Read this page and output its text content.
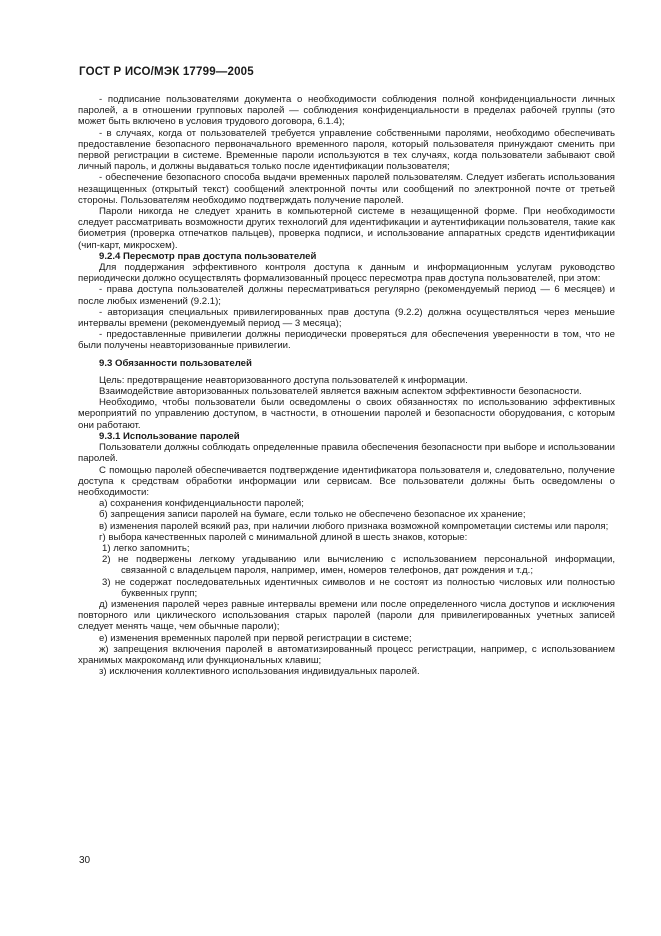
ГОСТ Р ИСО/МЭК 17799—2005

- подписание пользователями документа о необходимости соблюдения полной конфиденциальности личных паролей, а в отношении групповых паролей — соблюдения конфиденциальности в пределах рабочей группы (это может быть включено в условия трудового договора, 6.1.4);

- в случаях, когда от пользователей требуется управление собственными паролями, необходимо обеспечивать предоставление безопасного первоначального временного пароля, который пользователя принуждают сменить при первой регистрации в системе. Временные пароли используются в тех случаях, когда пользователи забывают свой личный пароль, и должны выдаваться только после идентификации пользователя;

- обеспечение безопасного способа выдачи временных паролей пользователям. Следует избегать использования незащищенных (открытый текст) сообщений электронной почты или сообщений по электронной почте от третьей стороны. Пользователям необходимо подтверждать получение паролей.

Пароли никогда не следует хранить в компьютерной системе в незащищенной форме. При необходимости следует рассматривать возможности других технологий для идентификации и аутентификации пользователя, такие как биометрия (проверка отпечатков пальцев), проверка подписи, и использование аппаратных средств идентификации (чип-карт, микросхем).

9.2.4 Пересмотр прав доступа пользователей

Для поддержания эффективного контроля доступа к данным и информационным услугам руководство периодически должно осуществлять формализованный процесс пересмотра прав доступа пользователей, при этом:

- права доступа пользователей должны пересматриваться регулярно (рекомендуемый период — 6 месяцев) и после любых изменений (9.2.1);

- авторизация специальных привилегированных прав доступа (9.2.2) должна осуществляться через меньшие интервалы времени (рекомендуемый период — 3 месяца);

- предоставленные привилегии должны периодически проверяться для обеспечения уверенности в том, что не были получены неавторизованные привилегии.

9.3 Обязанности пользователей

Цель: предотвращение неавторизованного доступа пользователей к информации.

Взаимодействие авторизованных пользователей является важным аспектом эффективности безопасности.

Необходимо, чтобы пользователи были осведомлены о своих обязанностях по использованию эффективных мероприятий по управлению доступом, в частности, в отношении паролей и безопасности оборудования, с которым они работают.

9.3.1 Использование паролей

Пользователи должны соблюдать определенные правила обеспечения безопасности при выборе и использовании паролей.

С помощью паролей обеспечивается подтверждение идентификатора пользователя и, следовательно, получение доступа к средствам обработки информации или сервисам. Все пользователи должны быть осведомлены о необходимости:

а) сохранения конфиденциальности паролей;

б) запрещения записи паролей на бумаге, если только не обеспечено безопасное их хранение;

в) изменения паролей всякий раз, при наличии любого признака возможной компрометации системы или пароля;

г) выбора качественных паролей с минимальной длиной в шесть знаков, которые:

1) легко запомнить;

2) не подвержены легкому угадыванию или вычислению с использованием персональной информации, связанной с владельцем пароля, например, имен, номеров телефонов, дат рождения и т.д.;

3) не содержат последовательных идентичных символов и не состоят из полностью числовых или полностью буквенных групп;

д) изменения паролей через равные интервалы времени или после определенного числа доступов и исключения повторного или циклического использования старых паролей (пароли для привилегированных учетных записей следует менять чаще, чем обычные пароли);

е) изменения временных паролей при первой регистрации в системе;

ж) запрещения включения паролей в автоматизированный процесс регистрации, например, с использованием хранимых макрокоманд или функциональных клавиш;

з) исключения коллективного использования индивидуальных паролей.

30
